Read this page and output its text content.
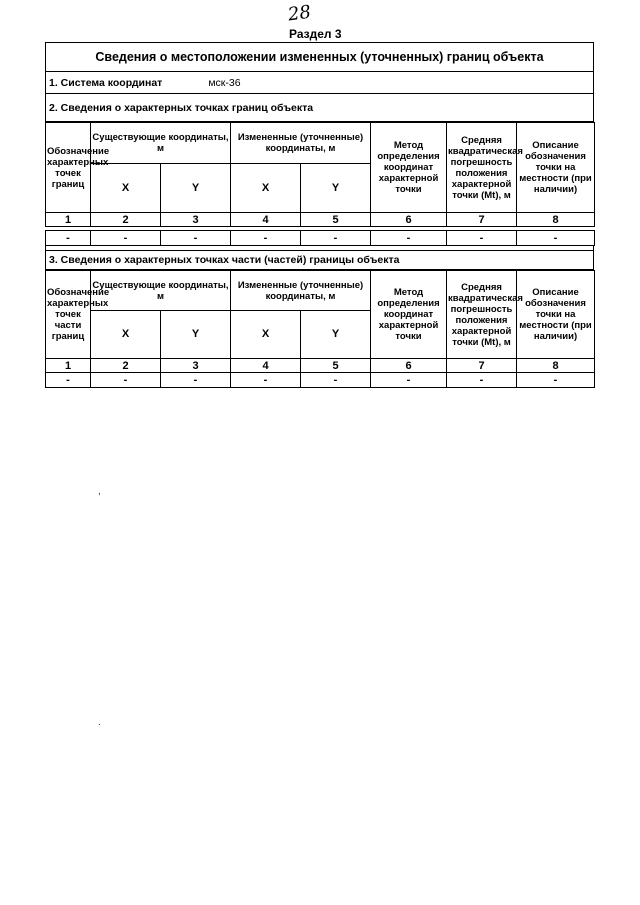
28
Раздел 3
Сведения о местоположении измененных (уточненных) границ объекта
1. Система координат	мск-36
2. Сведения о характерных точках границ объекта
Обозначение характерных точек границ	Существующие координаты, м		Измененные (уточненные) координаты, м		Метод определения координат характерной точки	Средняя квадратическая погрешность положения характерной точки (Mt), м	Описание обозначения точки на местности (при наличии)
	X	Y	X	Y			
1	2	3	4	5	6	7	8

-	-	-	-	-	-	-	-
3. Сведения о характерных точках части (частей) границы объекта
Обозначение характерных точек части границ	Существующие координаты, м		Измененные (уточненные) координаты, м		Метод определения координат характерной точки	Средняя квадратическая погрешность положения характерной точки (Mt), м	Описание обозначения точки на местности (при наличии)
	X	Y	X	Y			
1	2	3	4	5	6	7	8
-	-	-	-	-	-	-	-
,
.
